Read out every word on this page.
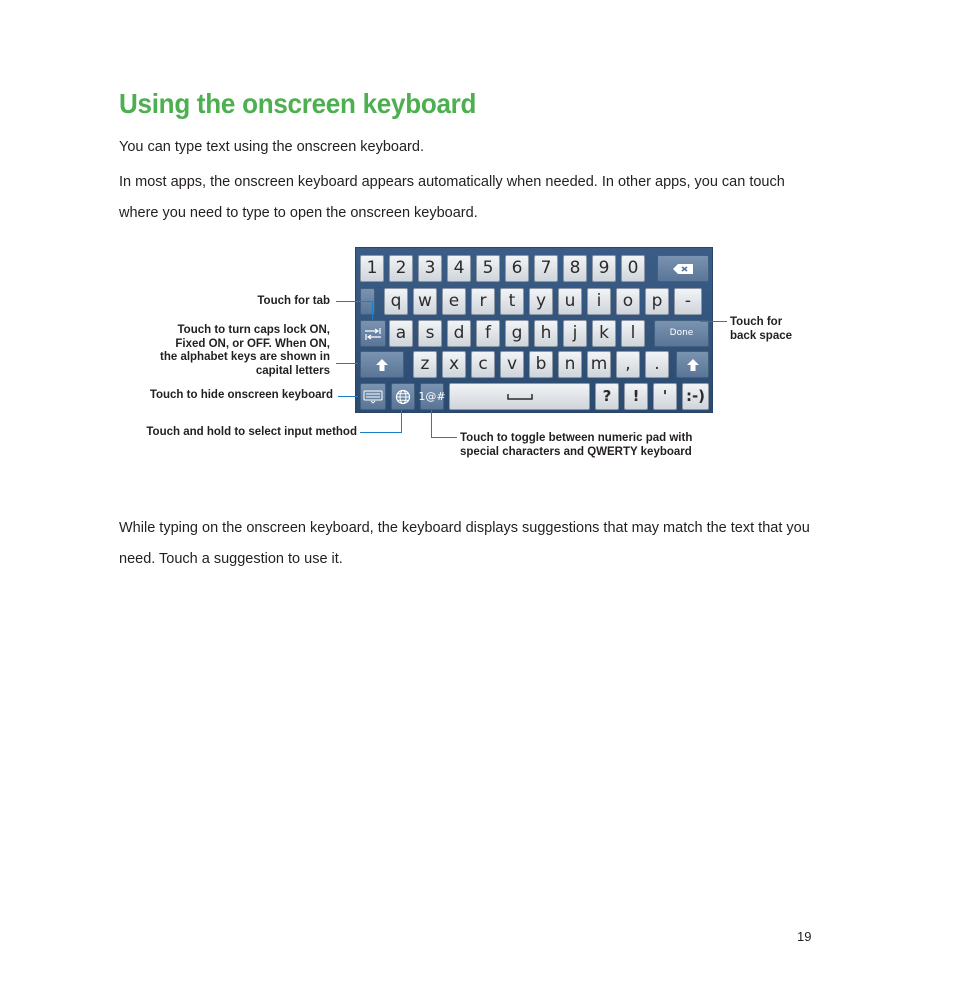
Using the onscreen keyboard

You can type text using the onscreen keyboard.

In most apps, the onscreen keyboard appears automatically when needed. In other apps, you can touch where you need to type to open the onscreen keyboard.

1	2	3	4	5	6	7	8	9	0
q w e	r	t	y	u	i	o	p	-
a	s	d	f	g	h	j	k	l	Done
z	x	c	v	b	n m	,	.
1@#	?	!	'	:-)
Touch for tab
Touch to turn caps lock ON,
Fixed ON, or OFF. When ON,
the alphabet keys are shown in
capital letters
Touch to hide onscreen keyboard
Touch and hold to select input method	Touch to toggle between numeric pad with
special characters and QWERTY keyboard
Touch for
back space

While typing on the onscreen keyboard, the keyboard displays suggestions that may match the text that you need. Touch a suggestion to use it.

19
